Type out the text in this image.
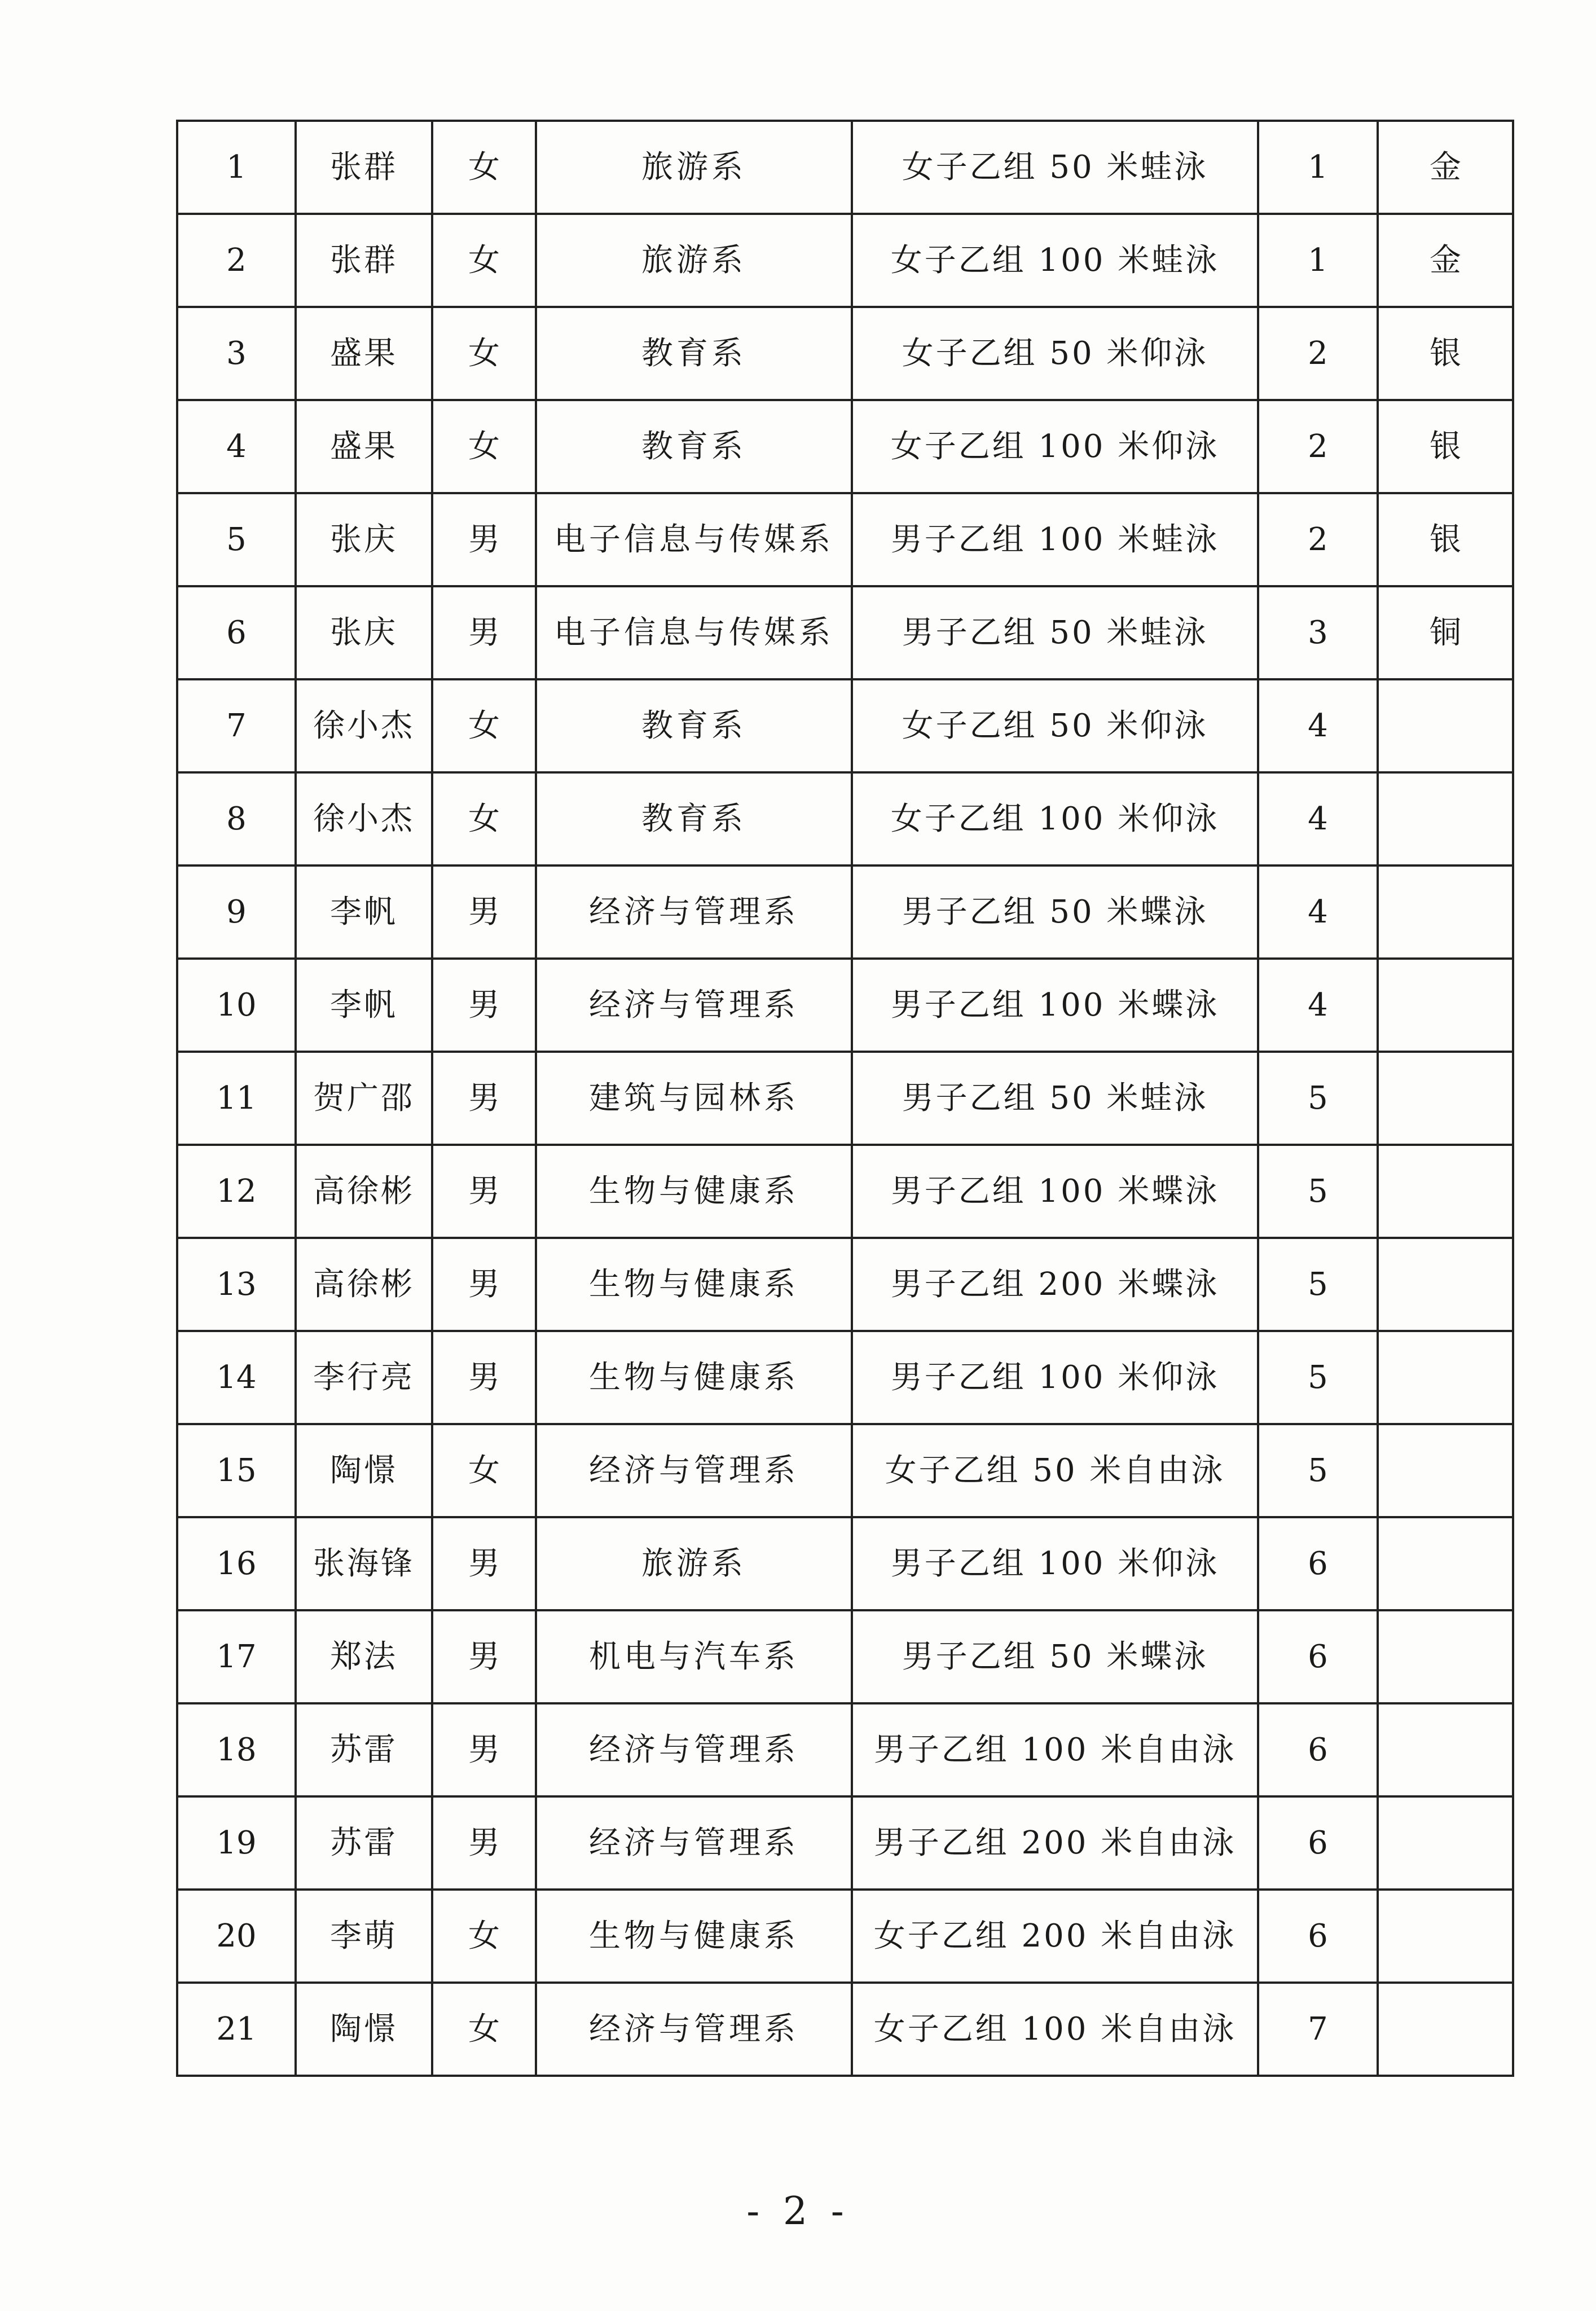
1	张群	女	旅游系	女子乙组 50 米蛙泳	1	金
2	张群	女	旅游系	女子乙组 100 米蛙泳	1	金
3	盛果	女	教育系	女子乙组 50 米仰泳	2	银
4	盛果	女	教育系	女子乙组 100 米仰泳	2	银
5	张庆	男	电子信息与传媒系	男子乙组 100 米蛙泳	2	银
6	张庆	男	电子信息与传媒系	男子乙组 50 米蛙泳	3	铜
7	徐小杰	女	教育系	女子乙组 50 米仰泳	4	
8	徐小杰	女	教育系	女子乙组 100 米仰泳	4	
9	李帆	男	经济与管理系	男子乙组 50 米蝶泳	4	
10	李帆	男	经济与管理系	男子乙组 100 米蝶泳	4	
11	贺广邵	男	建筑与园林系	男子乙组 50 米蛙泳	5	
12	高徐彬	男	生物与健康系	男子乙组 100 米蝶泳	5	
13	高徐彬	男	生物与健康系	男子乙组 200 米蝶泳	5	
14	李行亮	男	生物与健康系	男子乙组 100 米仰泳	5	
15	陶憬	女	经济与管理系	女子乙组 50 米自由泳	5	
16	张海锋	男	旅游系	男子乙组 100 米仰泳	6	
17	郑法	男	机电与汽车系	男子乙组 50 米蝶泳	6	
18	苏雷	男	经济与管理系	男子乙组 100 米自由泳	6	
19	苏雷	男	经济与管理系	男子乙组 200 米自由泳	6	
20	李萌	女	生物与健康系	女子乙组 200 米自由泳	6	
21	陶憬	女	经济与管理系	女子乙组 100 米自由泳	7	
- 2 -
